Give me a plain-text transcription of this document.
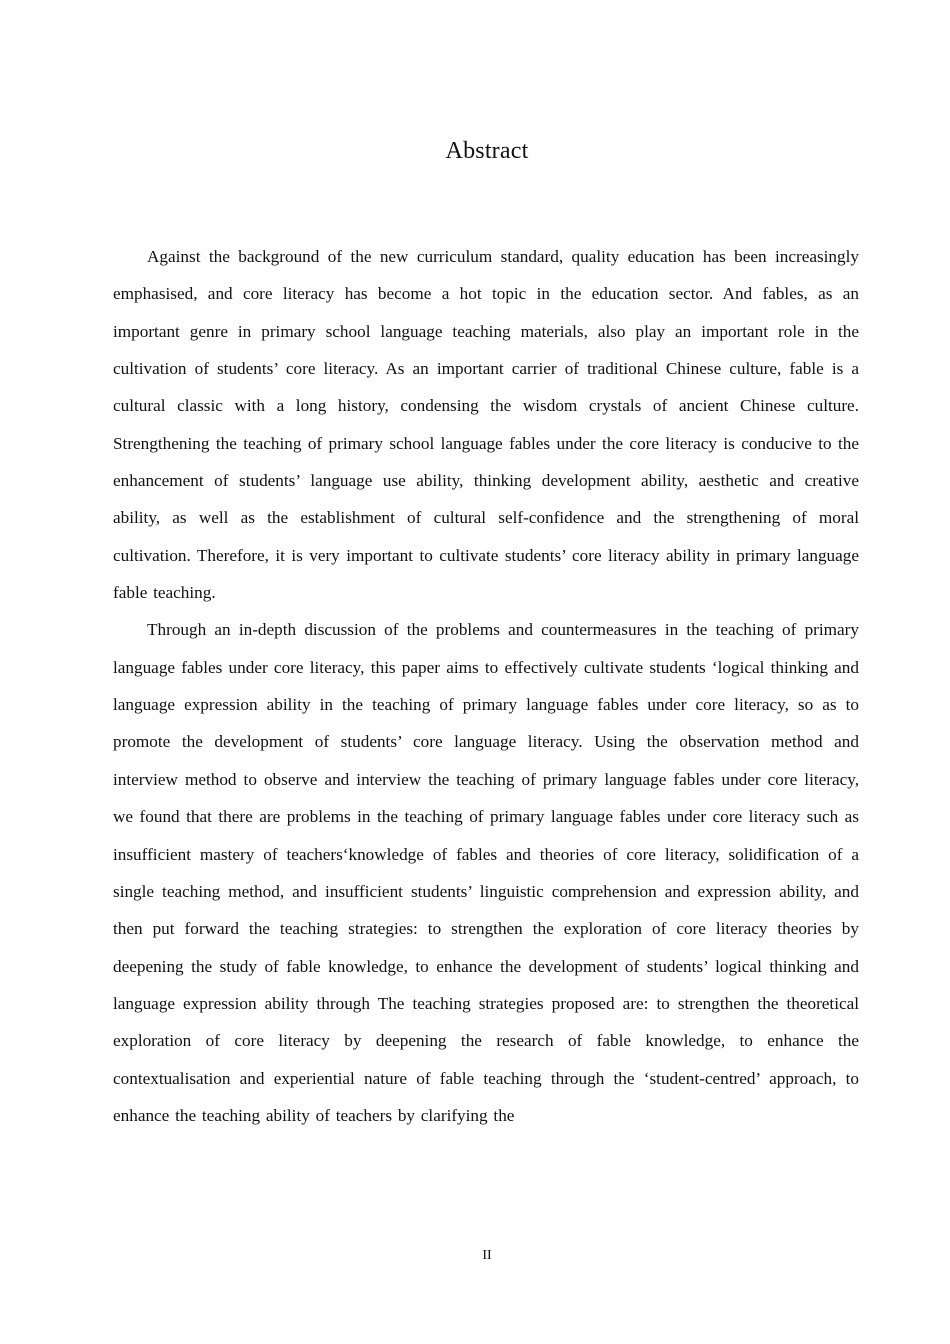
Abstract

Against the background of the new curriculum standard, quality education has been increasingly emphasised, and core literacy has become a hot topic in the education sector. And fables, as an important genre in primary school language teaching materials, also play an important role in the cultivation of students’ core literacy. As an important carrier of traditional Chinese culture, fable is a cultural classic with a long history, condensing the wisdom crystals of ancient Chinese culture. Strengthening the teaching of primary school language fables under the core literacy is conducive to the enhancement of students’ language use ability, thinking development ability, aesthetic and creative ability, as well as the establishment of cultural self-confidence and the strengthening of moral cultivation. Therefore, it is very important to cultivate students’ core literacy ability in primary language fable teaching.

Through an in-depth discussion of the problems and countermeasures in the teaching of primary language fables under core literacy, this paper aims to effectively cultivate students ‘logical thinking and language expression ability in the teaching of primary language fables under core literacy, so as to promote the development of students’ core language literacy. Using the observation method and interview method to observe and interview the teaching of primary language fables under core literacy, we found that there are problems in the teaching of primary language fables under core literacy such as insufficient mastery of teachers‘knowledge of fables and theories of core literacy, solidification of a single teaching method, and insufficient students’ linguistic comprehension and expression ability, and then put forward the teaching strategies: to strengthen the exploration of core literacy theories by deepening the study of fable knowledge, to enhance the development of students’ logical thinking and language expression ability through The teaching strategies proposed are: to strengthen the theoretical exploration of core literacy by deepening the research of fable knowledge, to enhance the contextualisation and experiential nature of fable teaching through the ‘student-centred’ approach, to enhance the teaching ability of teachers by clarifying the

II
